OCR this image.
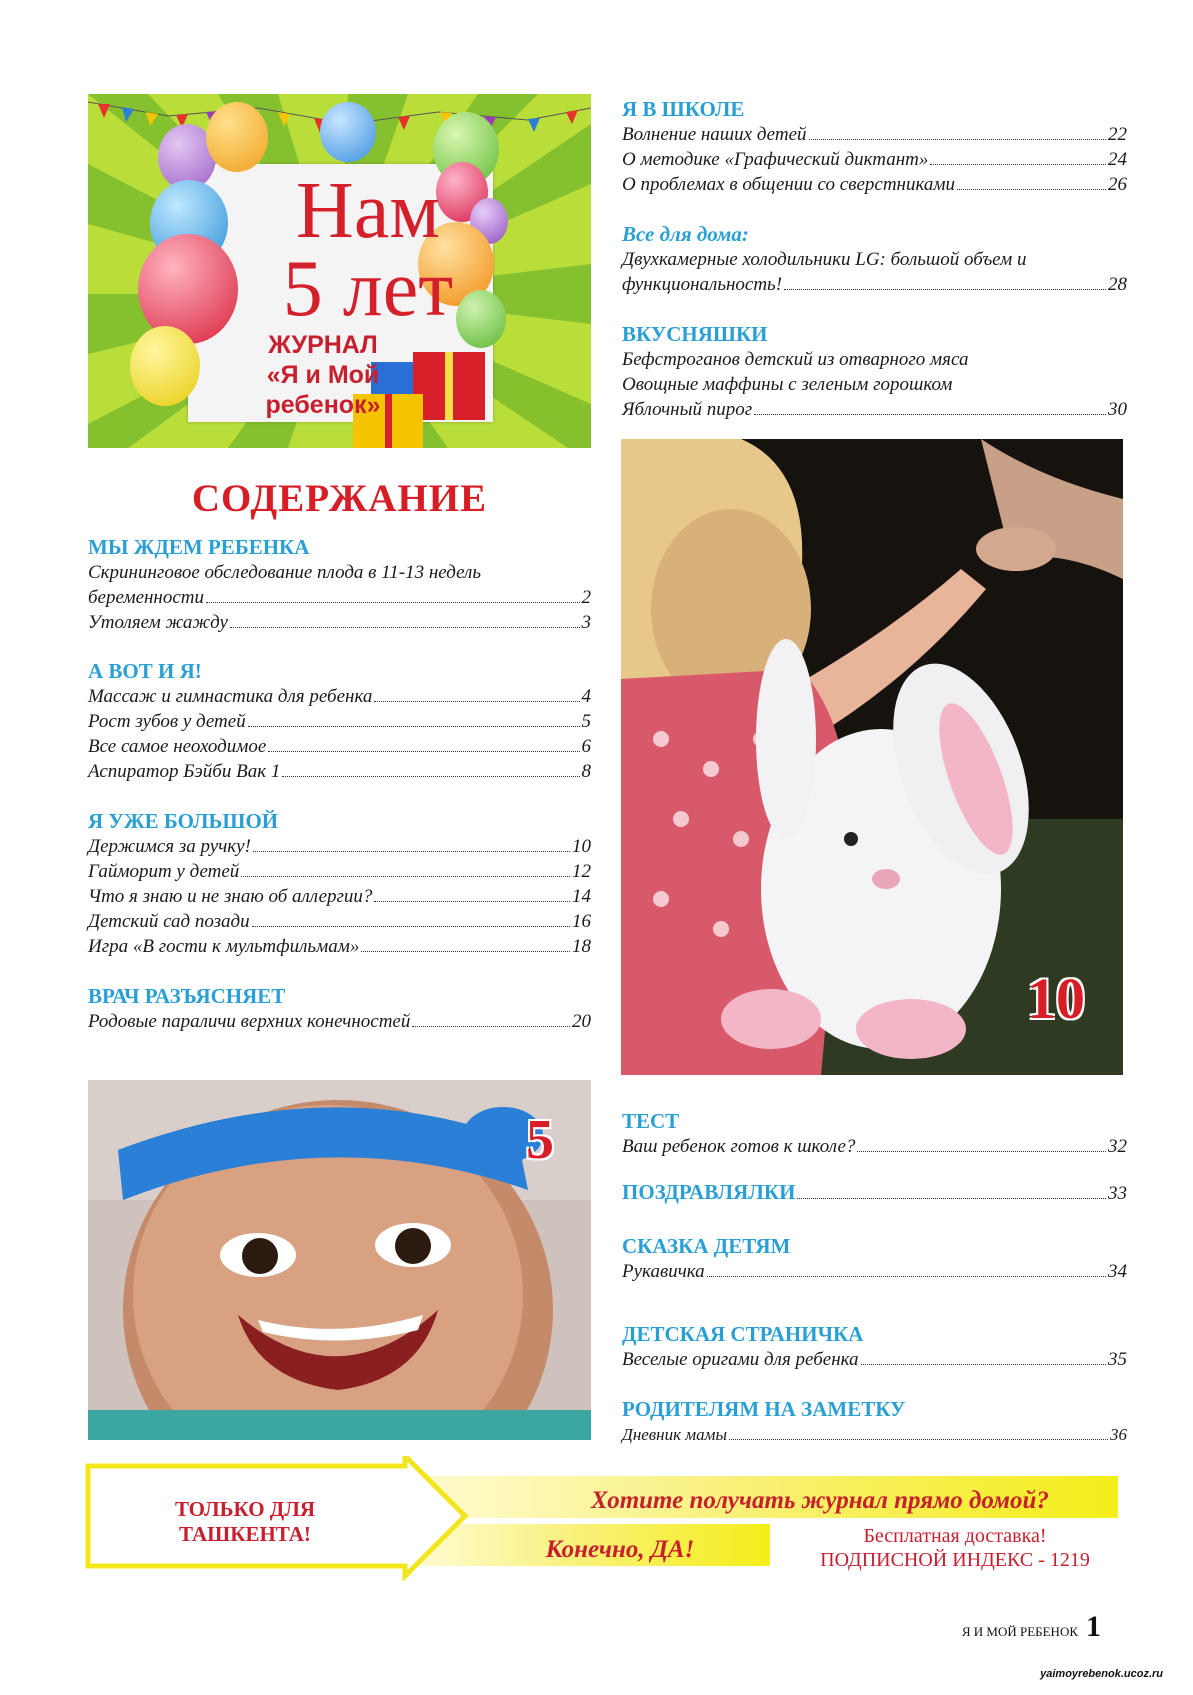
Нам
5 лет
ЖУРНАЛ
«Я и Мой
ребенок»
СОДЕРЖАНИЕ
МЫ ЖДЕМ РЕБЕНКА
Скрининговое обследование плода в 11-13 недель
беременности	2
Утоляем жажду	3
А ВОТ И Я!
Массаж и гимнастика для ребенка	4
Рост зубов у детей	5
Все самое неоходимое	6
Аспиратор Бэйби Вак 1	8
Я УЖЕ БОЛЬШОЙ
Держимся за ручку!	10
Гайморит у детей	12
Что я знаю и не знаю об аллергии?	14
Детский сад позади	16
Игра «В гости к мультфильмам»	18
ВРАЧ РАЗЪЯСНЯЕТ
Родовые параличи верхних конечностей	20
5
Я В ШКОЛЕ
Волнение наших детей	22
О методике «Графический диктант»	24
О проблемах в общении со сверстниками	26
Все для дома:
Двухкамерные холодильники LG: большой объем и
функциональность!	28
ВКУСНЯШКИ
Бефстроганов детский из отварного мяса
Овощные маффины с зеленым горошком
Яблочный пирог	30
10
ТЕСТ
Ваш ребенок готов к школе?	32
ПОЗДРАВЛЯЛКИ	33
СКАЗКА ДЕТЯМ
Рукавичка	34
ДЕТСКАЯ СТРАНИЧКА
Веселые оригами для ребенка	35
РОДИТЕЛЯМ НА ЗАМЕТКУ
Дневник мамы	36
ТОЛЬКО ДЛЯ ТАШКЕНТА!
Хотите получать журнал прямо домой?
Конечно, ДА!	Бесплатная доставка!
ПОДПИСНОЙ ИНДЕКС - 1219
Я И МОЙ РЕБЕНОК 1
yaimoyrebenok.ucoz.ru
